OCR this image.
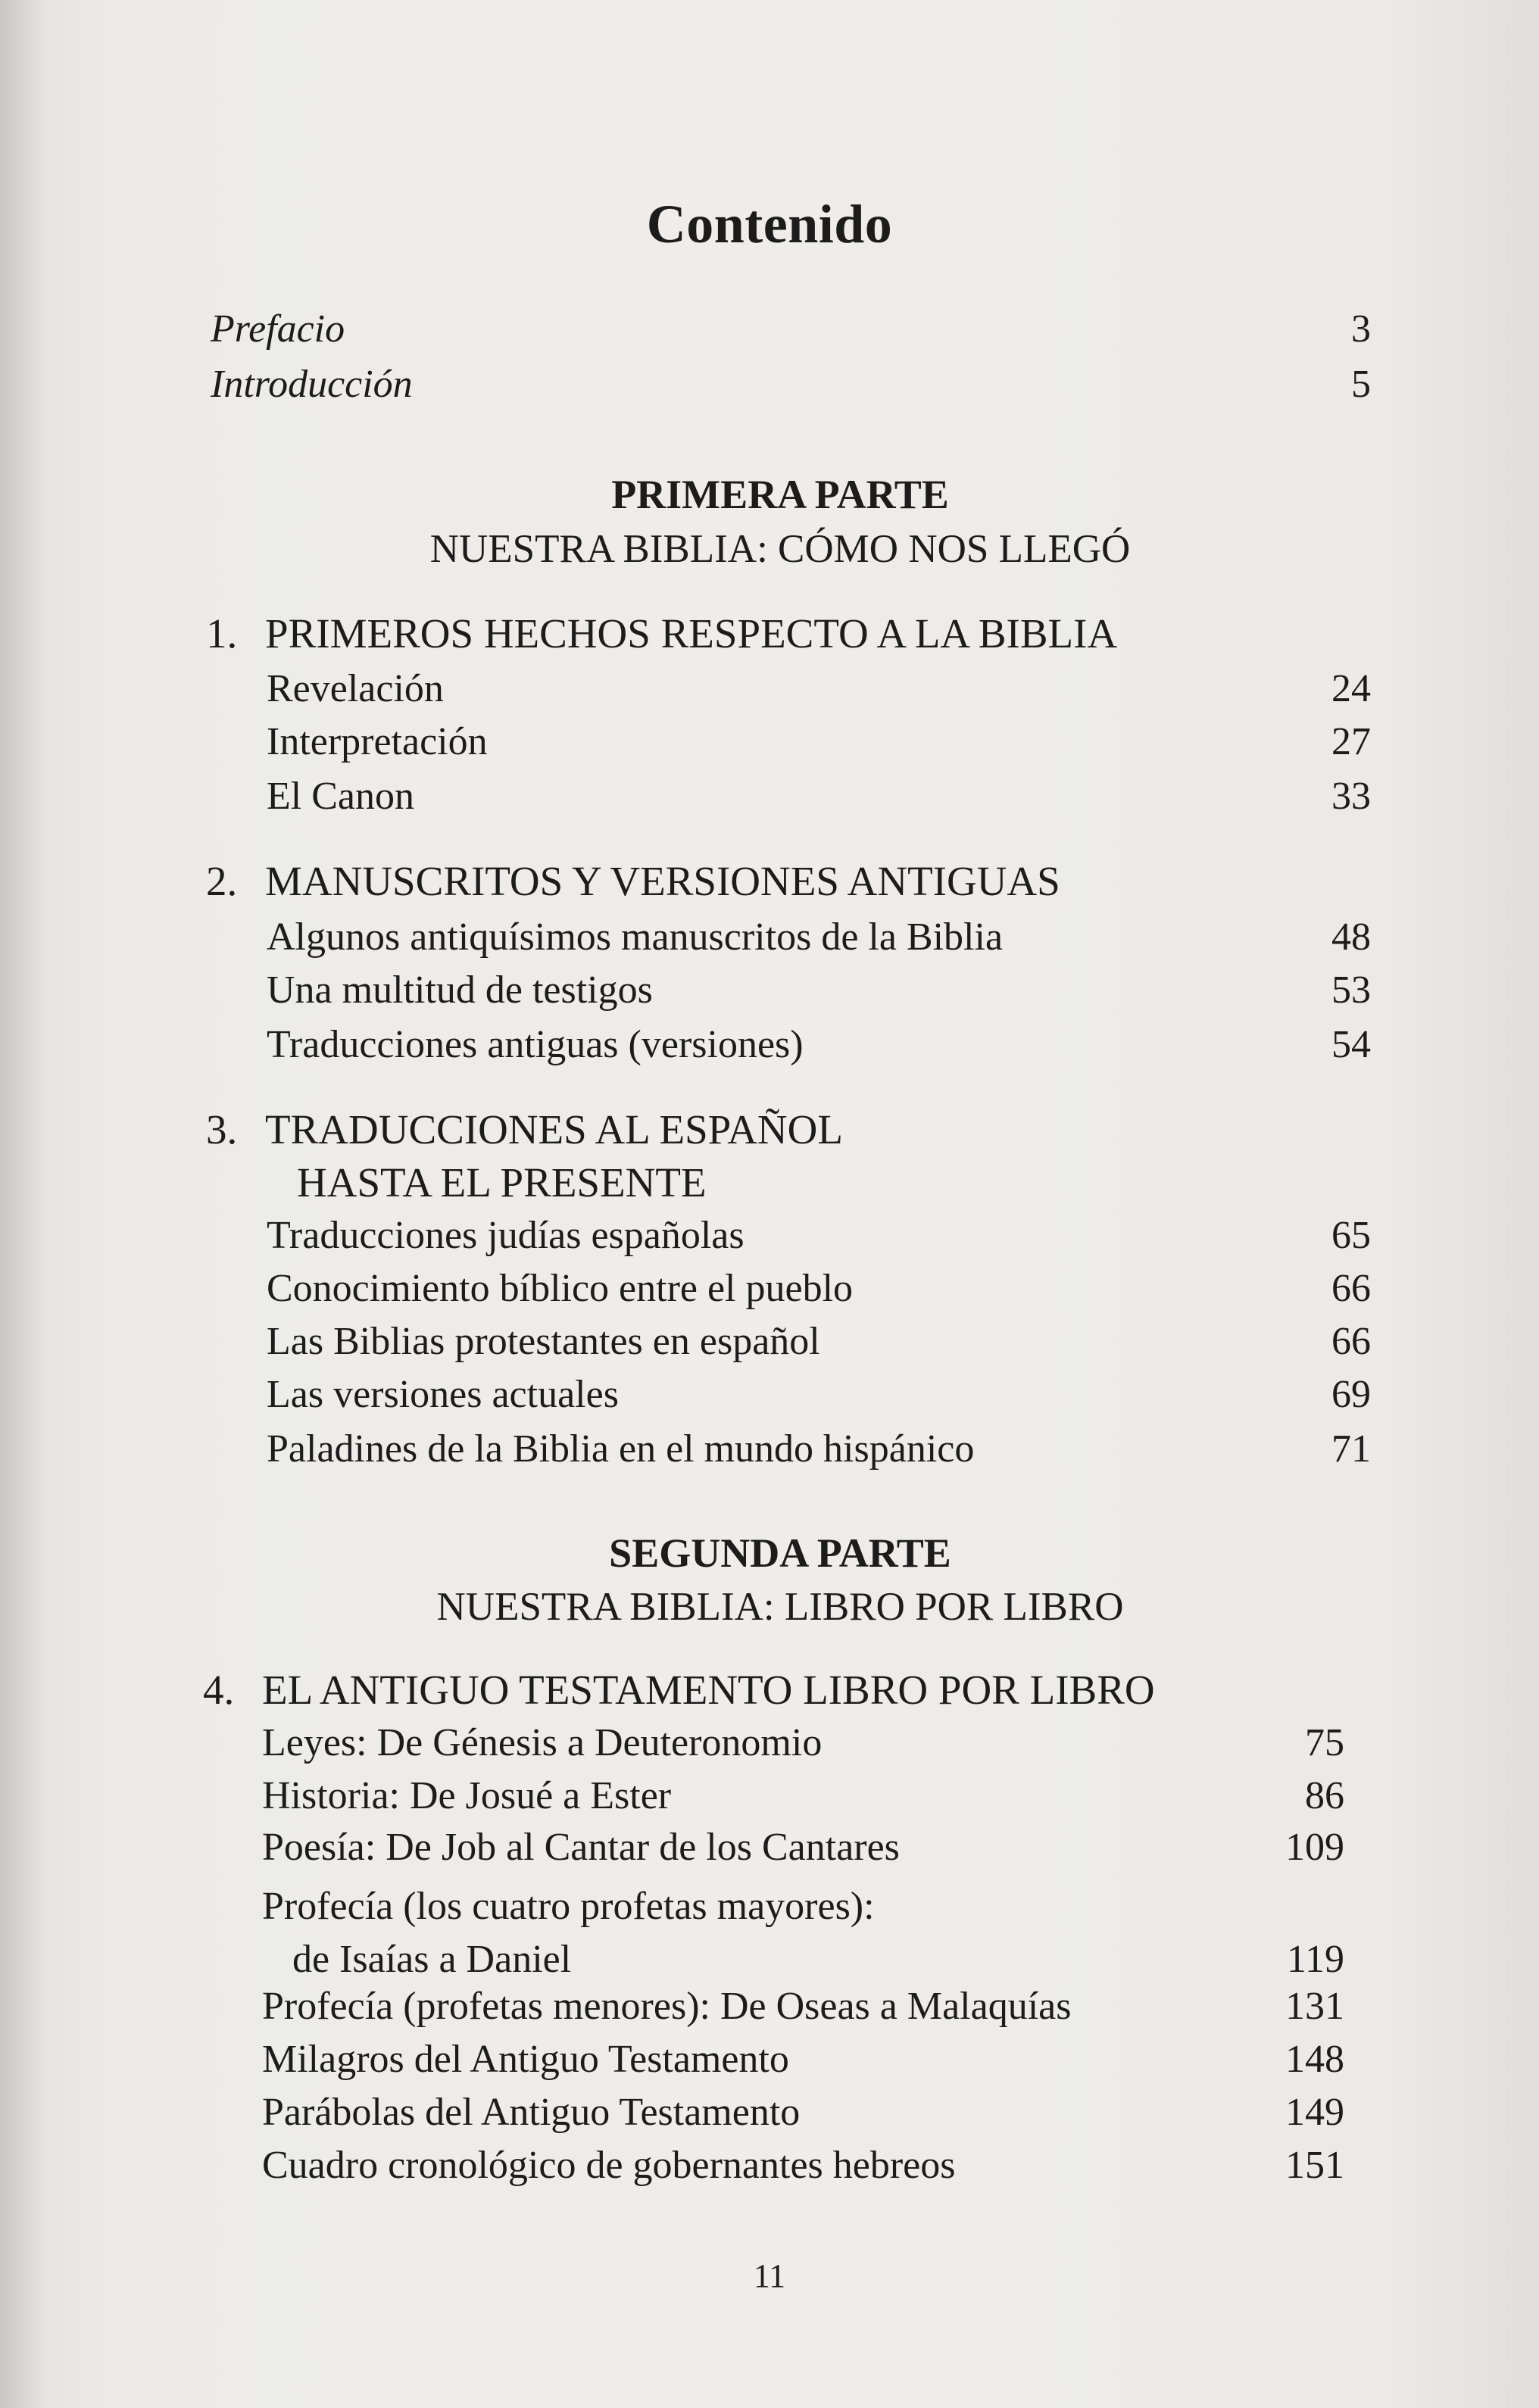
Contenido
Prefacio	3
Introducción	5
PRIMERA PARTE
NUESTRA BIBLIA: CÓMO NOS LLEGÓ
1. PRIMEROS HECHOS RESPECTO A LA BIBLIA
Revelación	24
Interpretación	27
El Canon	33
2. MANUSCRITOS Y VERSIONES ANTIGUAS
Algunos antiquísimos manuscritos de la Biblia	48
Una multitud de testigos	53
Traducciones antiguas (versiones)	54
3. TRADUCCIONES AL ESPAÑOL
HASTA EL PRESENTE
Traducciones judías españolas	65
Conocimiento bíblico entre el pueblo	66
Las Biblias protestantes en español	66
Las versiones actuales	69
Paladines de la Biblia en el mundo hispánico	71
SEGUNDA PARTE
NUESTRA BIBLIA: LIBRO POR LIBRO
4. EL ANTIGUO TESTAMENTO LIBRO POR LIBRO
Leyes: De Génesis a Deuteronomio	75
Historia: De Josué a Ester	86
Poesía: De Job al Cantar de los Cantares	109
Profecía (los cuatro profetas mayores):
de Isaías a Daniel	119
Profecía (profetas menores): De Oseas a Malaquías	131
Milagros del Antiguo Testamento	148
Parábolas del Antiguo Testamento	149
Cuadro cronológico de gobernantes hebreos	151
11
